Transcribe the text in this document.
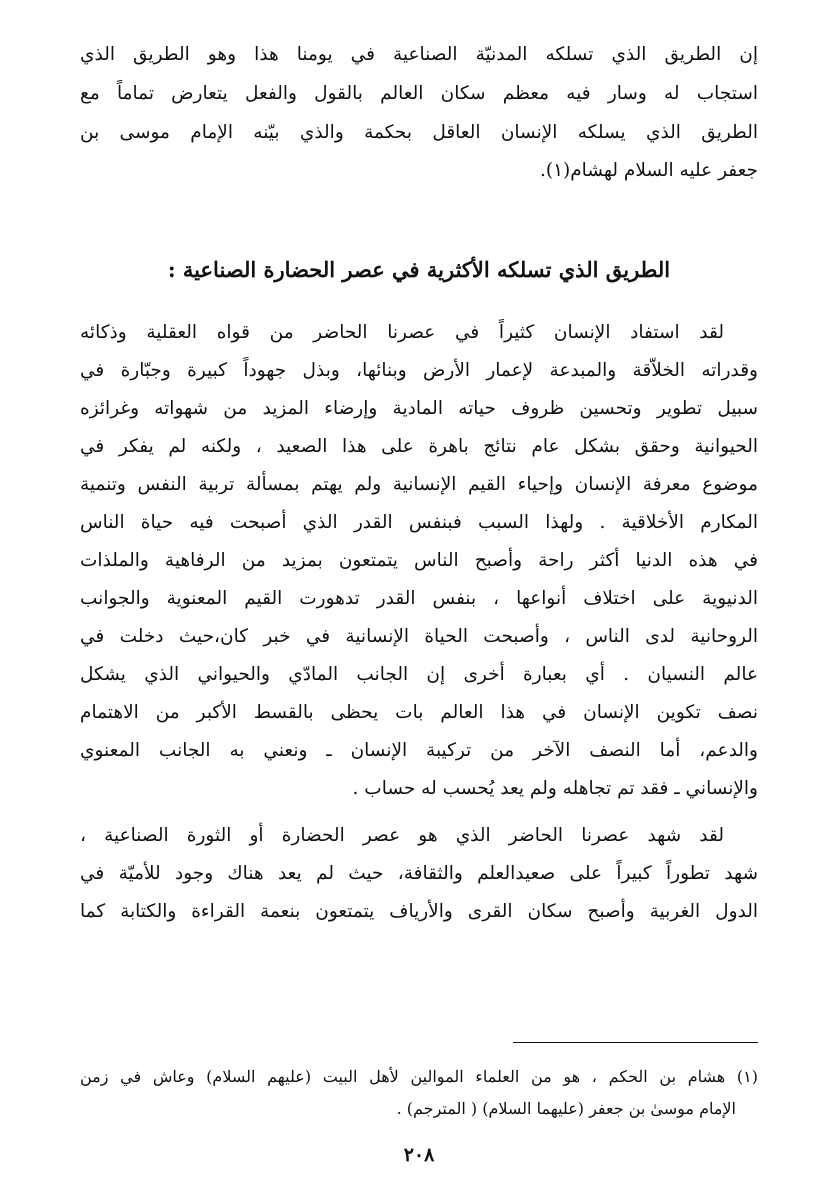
إن الطريق الذي تسلكه المدنيّة الصناعية في يومنا هذا وهو الطريق الذي
استجاب له وسار فيه معظم سكان العالم بالقول والفعل يتعارض تماماً مع
الطريق الذي يسلكه الإنسان العاقل بحكمة والذي بيّنه الإمام موسى بن
جعفر عليه السلام لهشام(١).
الطريق الذي تسلكه الأكثرية في عصر الحضارة الصناعية :
لقد استفاد الإنسان كثيراً في عصرنا الحاضر من قواه العقلية وذكائه
وقدراته الخلاّقة والمبدعة لإعمار الأرض وبنائها، وبذل جهوداً كبيرة وجبّارة في
سبيل تطوير وتحسين ظروف حياته المادية وإرضاء المزيد من شهواته وغرائزه
الحيوانية وحقق بشكل عام نتائج باهرة على هذا الصعيد ، ولكنه لم يفكر في
موضوع معرفة الإنسان وإحياء القيم الإنسانية ولم يهتم بمسألة تربية النفس وتنمية
المكارم الأخلاقية . ولهذا السبب فبنفس القدر الذي أصبحت فيه حياة الناس
في هذه الدنيا أكثر راحة وأصبح الناس يتمتعون بمزيد من الرفاهية والملذات
الدنيوية على اختلاف أنواعها ، بنفس القدر تدهورت القيم المعنوية والجوانب
الروحانية لدى الناس ، وأصبحت الحياة الإنسانية في خبر كان،حيث دخلت في
عالم النسيان . أي بعبارة أخرى إن الجانب المادّي والحيواني الذي يشكل
نصف تكوين الإنسان في هذا العالم بات يحظى بالقسط الأكبر من الاهتمام
والدعم، أما النصف الآخر من تركيبة الإنسان ـ ونعني به الجانب المعنوي
والإنساني ـ فقد تم تجاهله ولم يعد يُحسب له حساب .
لقد شهد عصرنا الحاضر الذي هو عصر الحضارة أو الثورة الصناعية ،
شهد تطوراً كبيراً على صعيدالعلم والثقافة، حيث لم يعد هناك وجود للأميّة في
الدول الغربية وأصبح سكان القرى والأرياف يتمتعون بنعمة القراءة والكتابة كما
(١) هشام بن الحكم ، هو من العلماء الموالين لأهل البيت (عليهم السلام) وعاش في زمن
الإمام موسىٰ بن جعفر (عليهما السلام) ( المترجم) .
٢٠٨
